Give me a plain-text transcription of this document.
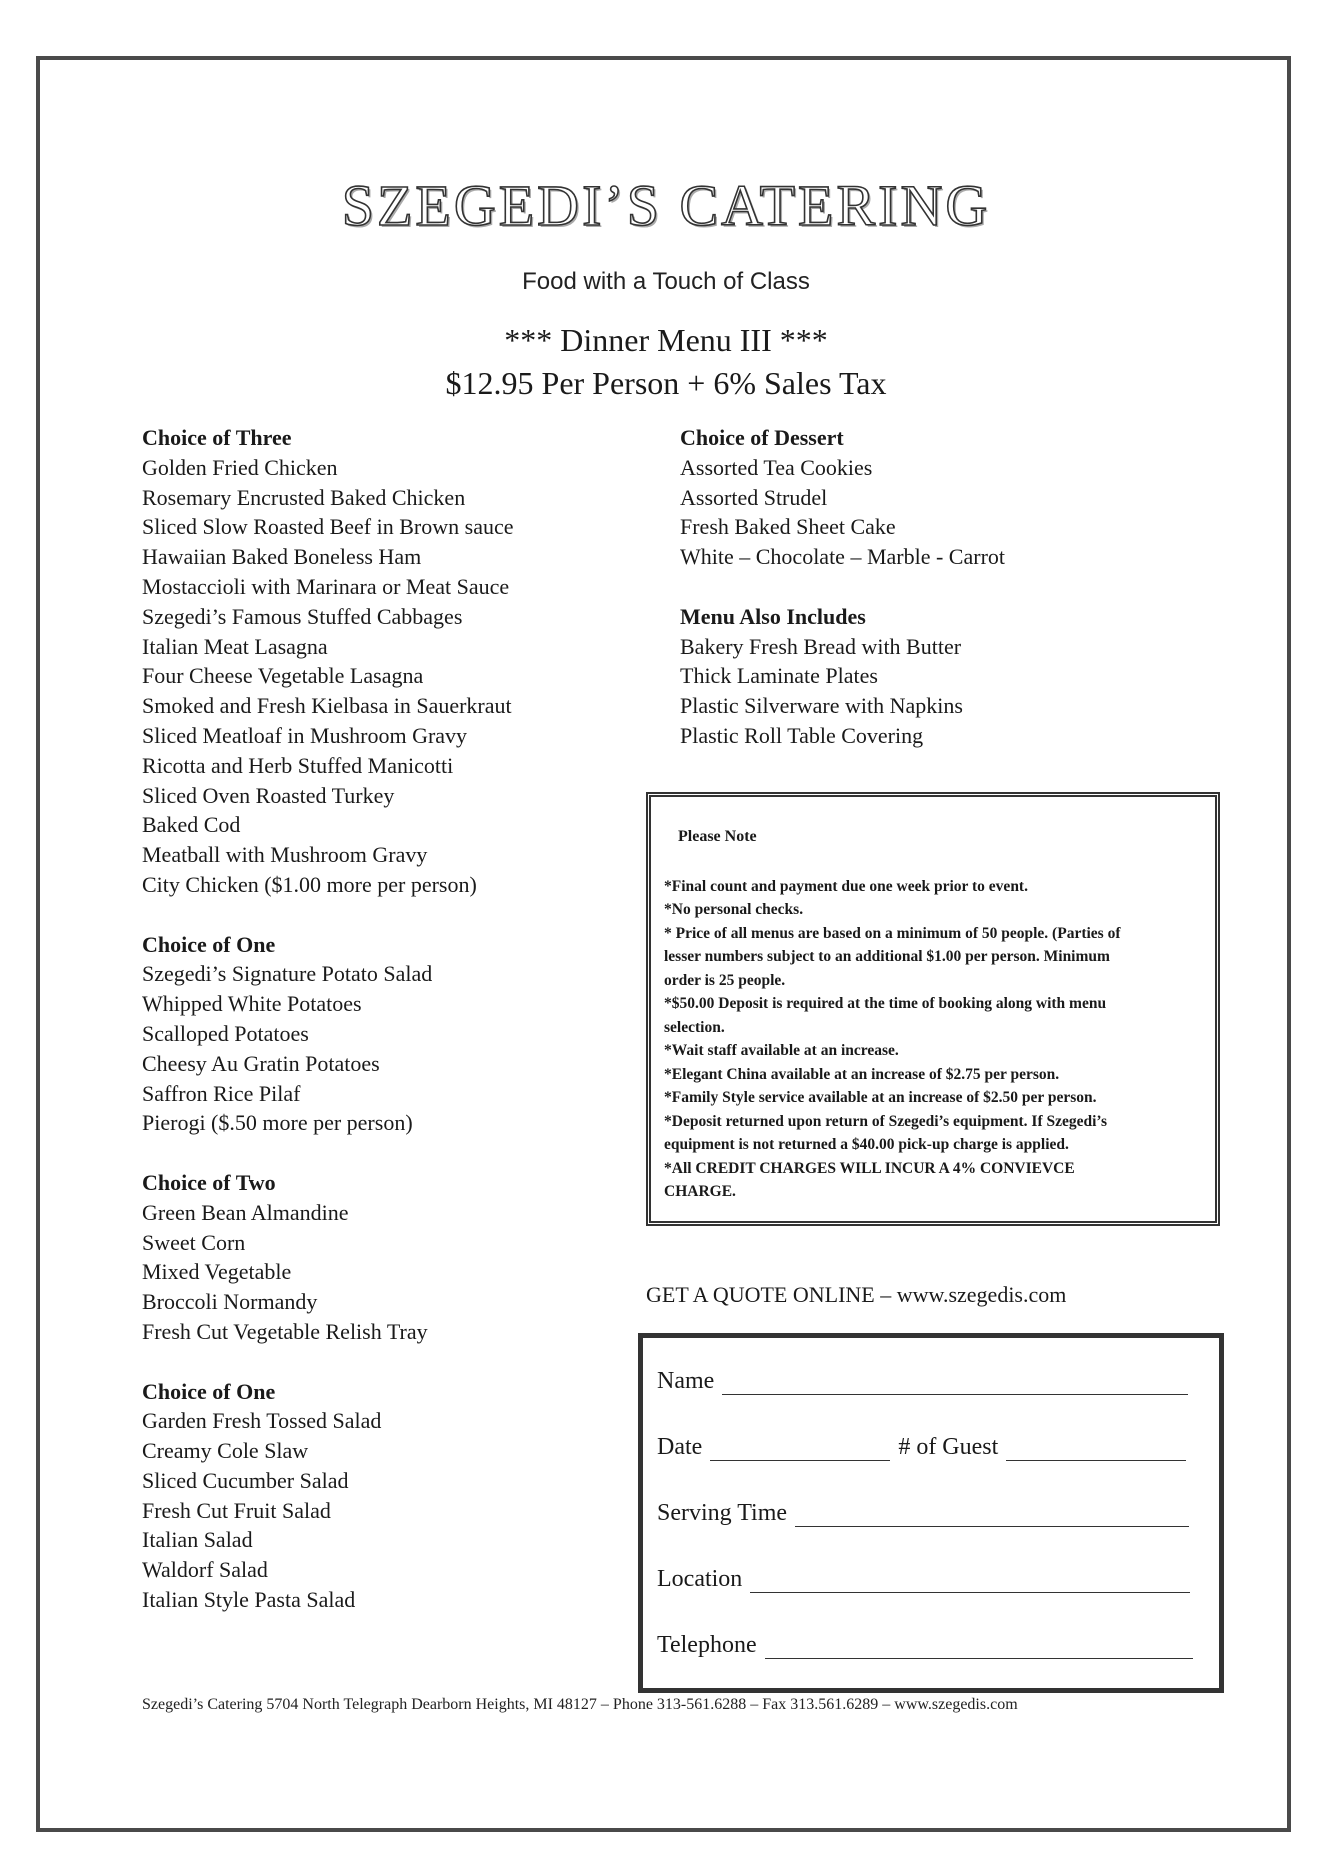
SZEGEDI’S CATERING
Food with a Touch of Class
*** Dinner Menu III ***
$12.95 Per Person + 6% Sales Tax
Choice of Three
Golden Fried Chicken
Rosemary Encrusted Baked Chicken
Sliced Slow Roasted Beef in Brown sauce
Hawaiian Baked Boneless Ham
Mostaccioli with Marinara or Meat Sauce
Szegedi’s Famous Stuffed Cabbages
Italian Meat Lasagna
Four Cheese Vegetable Lasagna
Smoked and Fresh Kielbasa in Sauerkraut
Sliced Meatloaf in Mushroom Gravy
Ricotta and Herb Stuffed Manicotti
Sliced Oven Roasted Turkey
Baked Cod
Meatball with Mushroom Gravy
City Chicken ($1.00 more per person)
Choice of One
Szegedi’s Signature Potato Salad
Whipped White Potatoes
Scalloped Potatoes
Cheesy Au Gratin Potatoes
Saffron Rice Pilaf
Pierogi ($.50 more per person)
Choice of Two
Green Bean Almandine
Sweet Corn
Mixed Vegetable
Broccoli Normandy
Fresh Cut Vegetable Relish Tray
Choice of One
Garden Fresh Tossed Salad
Creamy Cole Slaw
Sliced Cucumber Salad
Fresh Cut Fruit Salad
Italian Salad
Waldorf Salad
Italian Style Pasta Salad
Choice of Dessert
Assorted Tea Cookies
Assorted Strudel
Fresh Baked Sheet Cake
White – Chocolate – Marble - Carrot
Menu Also Includes
Bakery Fresh Bread with Butter
Thick Laminate Plates
Plastic Silverware with Napkins
Plastic Roll Table Covering
Please Note
*Final count and payment due one week prior to event.
*No personal checks.
* Price of all menus are based on a minimum of 50 people. (Parties of
lesser numbers subject to an additional $1.00 per person. Minimum
order is 25 people.
*$50.00 Deposit is required at the time of booking along with menu
selection.
*Wait staff available at an increase.
*Elegant China available at an increase of $2.75 per person.
*Family Style service available at an increase of $2.50 per person.
*Deposit returned upon return of Szegedi’s equipment. If Szegedi’s
equipment is not returned a $40.00 pick-up charge is applied.
*All CREDIT CHARGES WILL INCUR A 4% CONVIEVCE
CHARGE.
GET A QUOTE ONLINE – www.szegedis.com
Name
Date	# of Guest
Serving Time
Location
Telephone
Szegedi’s Catering 5704 North Telegraph Dearborn Heights, MI 48127 – Phone 313-561.6288 – Fax 313.561.6289 – www.szegedis.com
